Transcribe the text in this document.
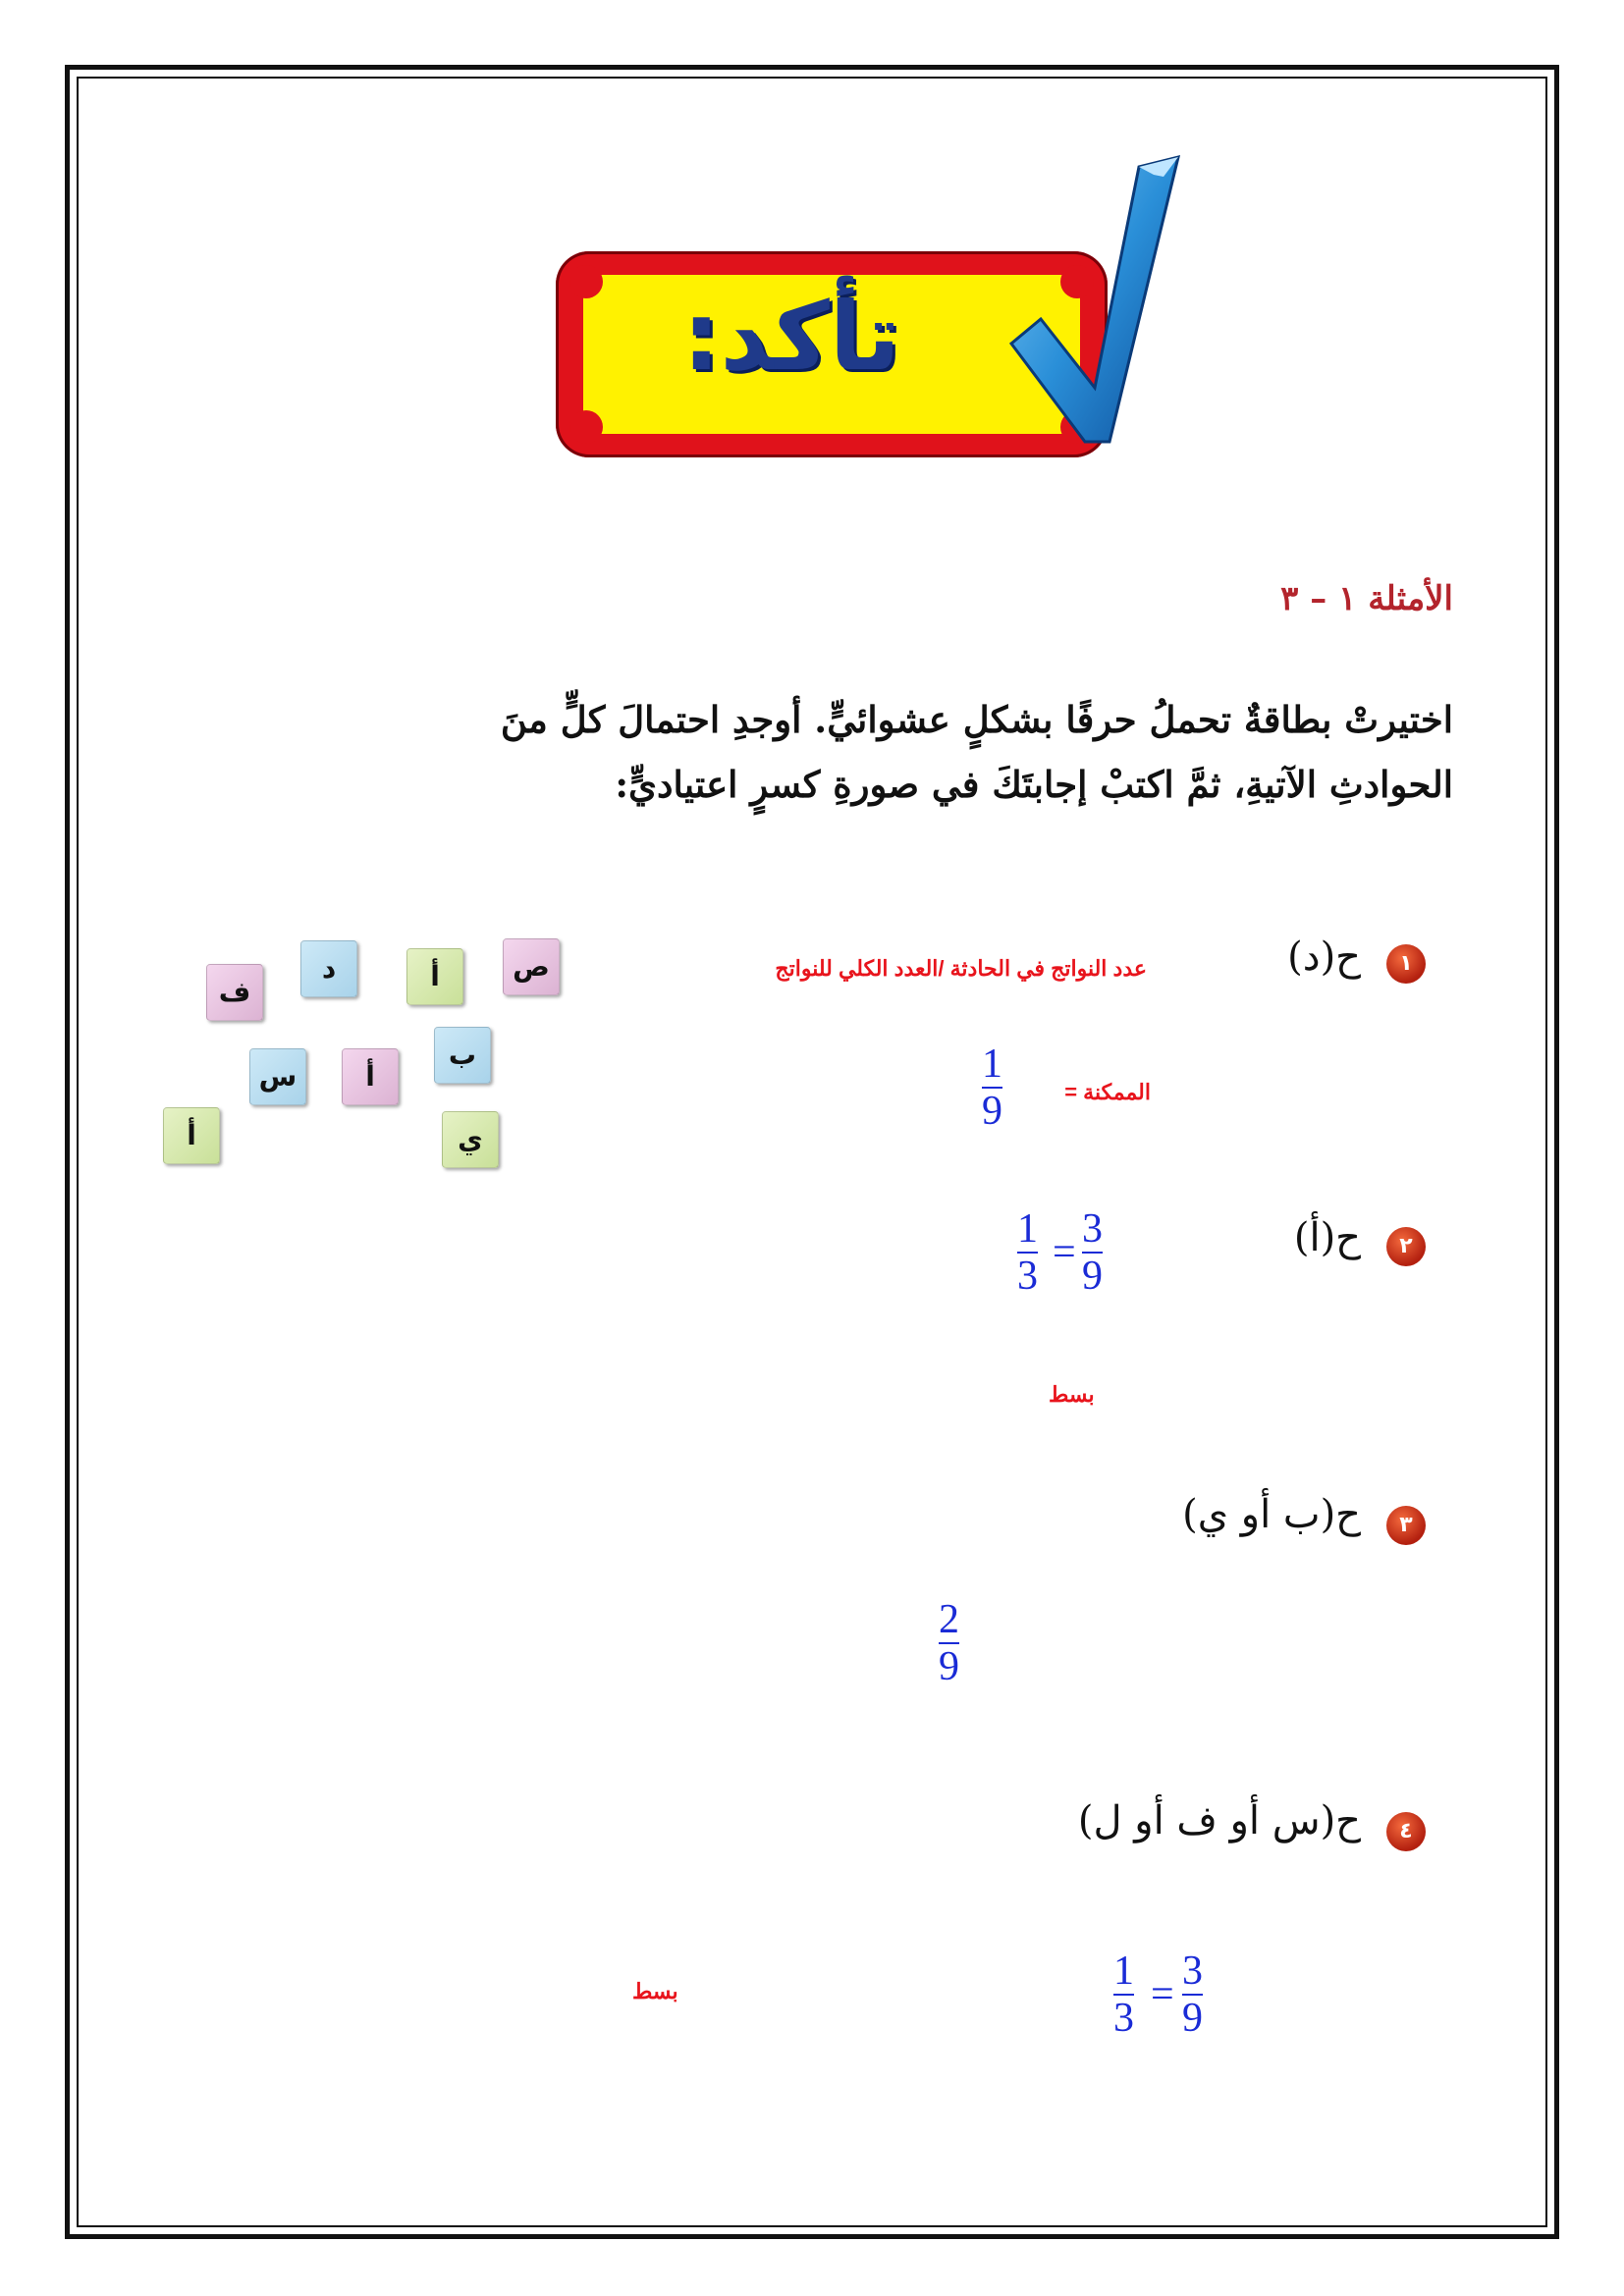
تأكد:
الأمثلة ١ – ٣
اختيرتْ بطاقةٌ تحملُ حرفًا بشكلٍ عشوائيٍّ. أوجدِ احتمالَ كلٍّ منَ
الحوادثِ الآتيةِ، ثمَّ اكتبْ إجابتَكَ في صورةِ كسرٍ اعتياديٍّ:
ص
أ
د
ف
ب
أ
س
أ	ي
١
ح(د)
عدد النواتج في الحادثة /العدد الكلي للنواتج
الممكنة =
1
9
٢
ح(أ)
1
3
=
3
9
بسط
٣
ح(ب أو ي)
2
9
٤
ح(س أو ف أو ل)
1
3
=
3
9
بسط
